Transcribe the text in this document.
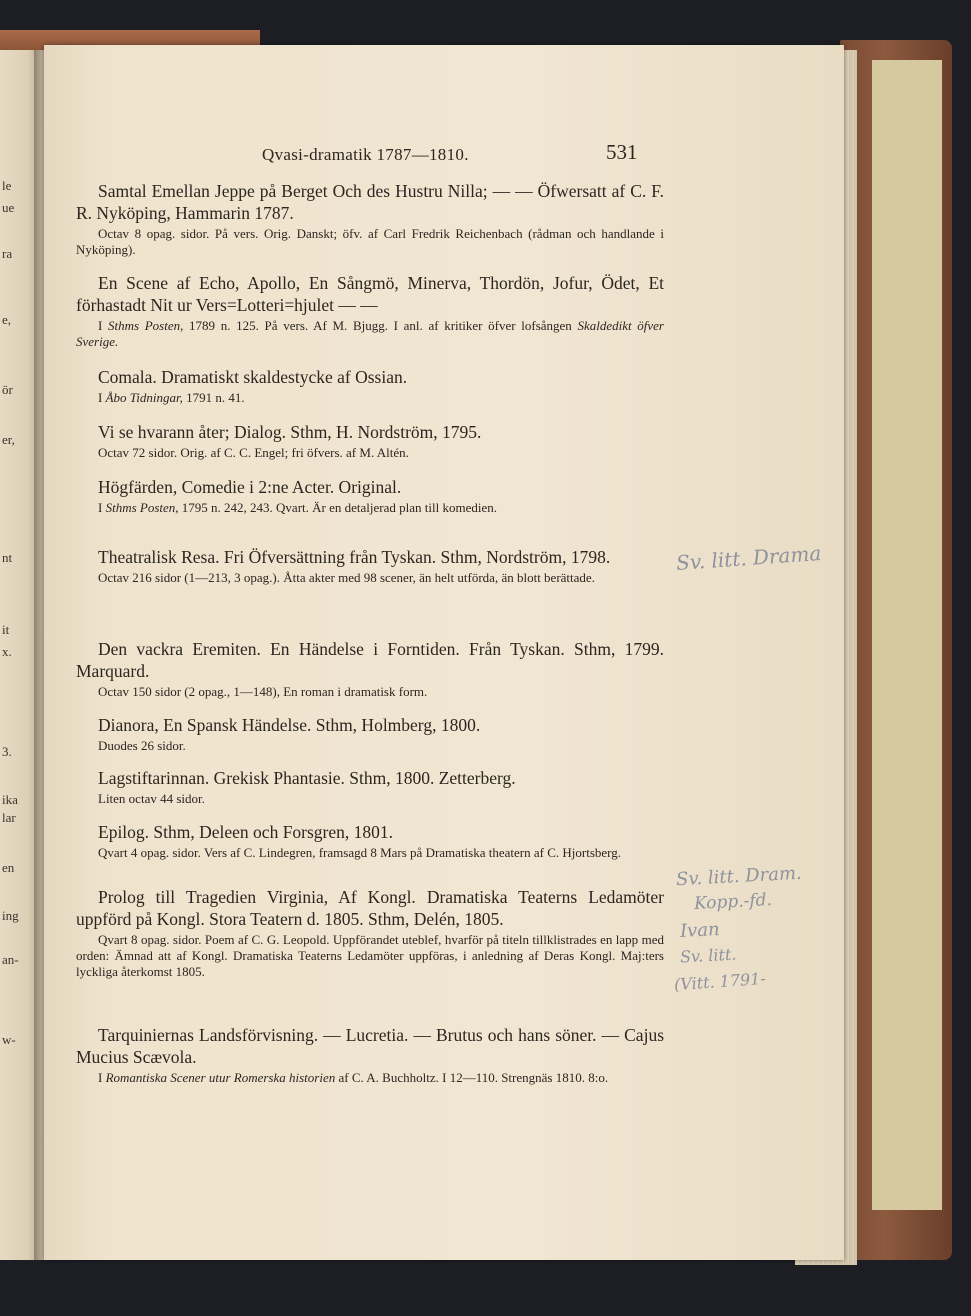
le
ue
ra
e,
ör
er,
nt
it
x.
3.
ika
lar
en
ing
an-
w-
Qvasi-dramatik 1787—1810.	531

Samtal Emellan Jeppe på Berget Och des Hustru Nilla; — — Öfwersatt af C. F. R. Nyköping, Hammarin 1787.

Octav 8 opag. sidor. På vers. Orig. Danskt; öfv. af Carl Fredrik Reichenbach (rådman och handlande i Nyköping).

En Scene af Echo, Apollo, En Sångmö, Minerva, Thordön, Jofur, Ödet, Et förhastadt Nit ur Vers=Lotteri=hjulet — —

I Sthms Posten, 1789 n. 125. På vers. Af M. Bjugg. I anl. af kritiker öfver lofsången Skaldedikt öfver Sverige.

Comala. Dramatiskt skaldestycke af Ossian.

I Åbo Tidningar, 1791 n. 41.

Vi se hvarann åter; Dialog. Sthm, H. Nordström, 1795.

Octav 72 sidor. Orig. af C. C. Engel; fri öfvers. af M. Altén.

Högfärden, Comedie i 2:ne Acter. Original.

I Sthms Posten, 1795 n. 242, 243. Qvart. Är en detaljerad plan till komedien.

Theatralisk Resa. Fri Öfversättning från Tyskan. Sthm, Nordström, 1798.

Octav 216 sidor (1—213, 3 opag.). Åtta akter med 98 scener, än helt utförda, än blott berättade.

Den vackra Eremiten. En Händelse i Forntiden. Från Tyskan. Sthm, 1799. Marquard.

Octav 150 sidor (2 opag., 1—148), En roman i dramatisk form.

Dianora, En Spansk Händelse. Sthm, Holmberg, 1800.

Duodes 26 sidor.

Lagstiftarinnan. Grekisk Phantasie. Sthm, 1800. Zetterberg.

Liten octav 44 sidor.

Epilog. Sthm, Deleen och Forsgren, 1801.

Qvart 4 opag. sidor. Vers af C. Lindegren, framsagd 8 Mars på Dramatiska theatern af C. Hjortsberg.

Prolog till Tragedien Virginia, Af Kongl. Dramatiska Teaterns Ledamöter uppförd på Kongl. Stora Teatern d. 1805. Sthm, Delén, 1805.

Qvart 8 opag. sidor. Poem af C. G. Leopold. Uppförandet uteblef, hvarför på titeln tillklistrades en lapp med orden: Ämnad att af Kongl. Dramatiska Teaterns Ledamöter uppföras, i anledning af Deras Kongl. Maj:ters lyckliga återkomst 1805.

Tarquiniernas Landsförvisning. — Lucretia. — Brutus och hans söner. — Cajus Mucius Scævola.

I Romantiska Scener utur Romerska historien af C. A. Buchholtz. I 12—110. Strengnäs 1810. 8:o.

Sv. litt. Drama
Sv. litt. Dram.
Kopp.-fd.
Ivan
Sv. litt.
(Vitt. 1791-
